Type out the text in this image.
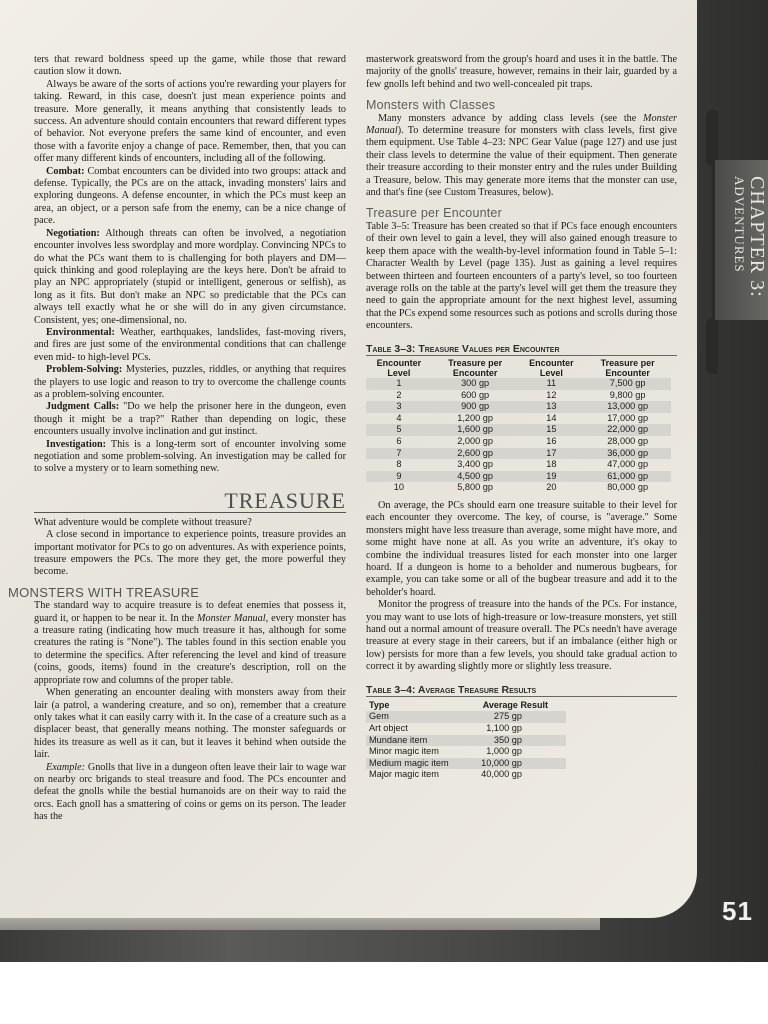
CHAPTER 3:
ADVENTURES

ters that reward boldness speed up the game, while those that reward caution slow it down.

Always be aware of the sorts of actions you're rewarding your players for taking. Reward, in this case, doesn't just mean experience points and treasure. More generally, it means anything that consistently leads to success. An adventure should contain encounters that reward different types of behavior. Not everyone prefers the same kind of encounter, and even those with a favorite enjoy a change of pace. Remember, then, that you can offer many different kinds of encounters, including all of the following.

Combat: Combat encounters can be divided into two groups: attack and defense. Typically, the PCs are on the attack, invading monsters' lairs and exploring dungeons. A defense encounter, in which the PCs must keep an area, an object, or a person safe from the enemy, can be a nice change of pace.

Negotiation: Although threats can often be involved, a negotiation encounter involves less swordplay and more wordplay. Convincing NPCs to do what the PCs want them to is challenging for both players and DM—quick thinking and good roleplaying are the keys here. Don't be afraid to play an NPC appropriately (stupid or intelligent, generous or selfish), as long as it fits. But don't make an NPC so predictable that the PCs can always tell exactly what he or she will do in any given circumstance. Consistent, yes; one-dimensional, no.

Environmental: Weather, earthquakes, landslides, fast-moving rivers, and fires are just some of the environmental conditions that can challenge even mid- to high-level PCs.

Problem-Solving: Mysteries, puzzles, riddles, or anything that requires the players to use logic and reason to try to overcome the challenge counts as a problem-solving encounter.

Judgment Calls: "Do we help the prisoner here in the dungeon, even though it might be a trap?" Rather than depending on logic, these encounters usually involve inclination and gut instinct.

Investigation: This is a long-term sort of encounter involving some negotiation and some problem-solving. An investigation may be called for to solve a mystery or to learn something new.

TREASURE

What adventure would be complete without treasure?

A close second in importance to experience points, treasure provides an important motivator for PCs to go on adventures. As with experience points, treasure empowers the PCs. The more they get, the more powerful they become.

MONSTERS WITH TREASURE

The standard way to acquire treasure is to defeat enemies that possess it, guard it, or happen to be near it. In the Monster Manual, every monster has a treasure rating (indicating how much treasure it has, although for some creatures the rating is "None"). The tables found in this section enable you to determine the specifics. After referencing the level and kind of treasure (coins, goods, items) found in the creature's description, roll on the appropriate row and columns of the proper table.

When generating an encounter dealing with monsters away from their lair (a patrol, a wandering creature, and so on), remember that a creature only takes what it can easily carry with it. In the case of a creature such as a displacer beast, that generally means nothing. The monster safeguards or hides its treasure as well as it can, but it leaves it behind when outside the lair.

Example: Gnolls that live in a dungeon often leave their lair to wage war on nearby orc brigands to steal treasure and food. The PCs encounter and defeat the gnolls while the bestial humanoids are on their way to raid the orcs. Each gnoll has a smattering of coins or gems on its person. The leader has the

masterwork greatsword from the group's hoard and uses it in the battle. The majority of the gnolls' treasure, however, remains in their lair, guarded by a few gnolls left behind and two well-concealed pit traps.

Monsters with Classes

Many monsters advance by adding class levels (see the Monster Manual). To determine treasure for monsters with class levels, first give them equipment. Use Table 4–23: NPC Gear Value (page 127) and use just their class levels to determine the value of their equipment. Then generate their treasure according to their monster entry and the rules under Building a Treasure, below. This may generate more items that the monster can use, and that's fine (see Custom Treasures, below).

Treasure per Encounter

Table 3–5: Treasure has been created so that if PCs face enough encounters of their own level to gain a level, they will also gained enough treasure to keep them apace with the wealth-by-level information found in Table 5–1: Character Wealth by Level (page 135). Just as gaining a level requires between thirteen and fourteen encounters of a party's level, so too fourteen average rolls on the table at the party's level will get them the treasure they need to gain the appropriate amount for the next highest level, assuming that the PCs expend some resources such as potions and scrolls during those encounters.

Table 3–3: Treasure Values per Encounter
Encounter Level	Treasure per Encounter	Encounter Level	Treasure per Encounter
1	300 gp	11	7,500 gp
2	600 gp	12	9,800 gp
3	900 gp	13	13,000 gp
4	1,200 gp	14	17,000 gp
5	1,600 gp	15	22,000 gp
6	2,000 gp	16	28,000 gp
7	2,600 gp	17	36,000 gp
8	3,400 gp	18	47,000 gp
9	4,500 gp	19	61,000 gp
10	5,800 gp	20	80,000 gp

On average, the PCs should earn one treasure suitable to their level for each encounter they overcome. The key, of course, is "average." Some monsters might have less treasure than average, some might have more, and some might have none at all. As you write an adventure, it's okay to combine the individual treasures listed for each monster into one larger hoard. If a dungeon is home to a beholder and numerous bugbears, for example, you can take some or all of the bugbear treasure and add it to the beholder's hoard.

Monitor the progress of treasure into the hands of the PCs. For instance, you may want to use lots of high-treasure or low-treasure monsters, yet still hand out a normal amount of treasure overall. The PCs needn't have average treasure at every stage in their careers, but if an imbalance (either high or low) persists for more than a few levels, you should take gradual action to correct it by awarding slightly more or slightly less treasure.

Table 3–4: Average Treasure Results
Type	Average Result
Gem	275 gp
Art object	1,100 gp
Mundane item	350 gp
Minor magic item	1,000 gp
Medium magic item	10,000 gp
Major magic item	40,000 gp
51
